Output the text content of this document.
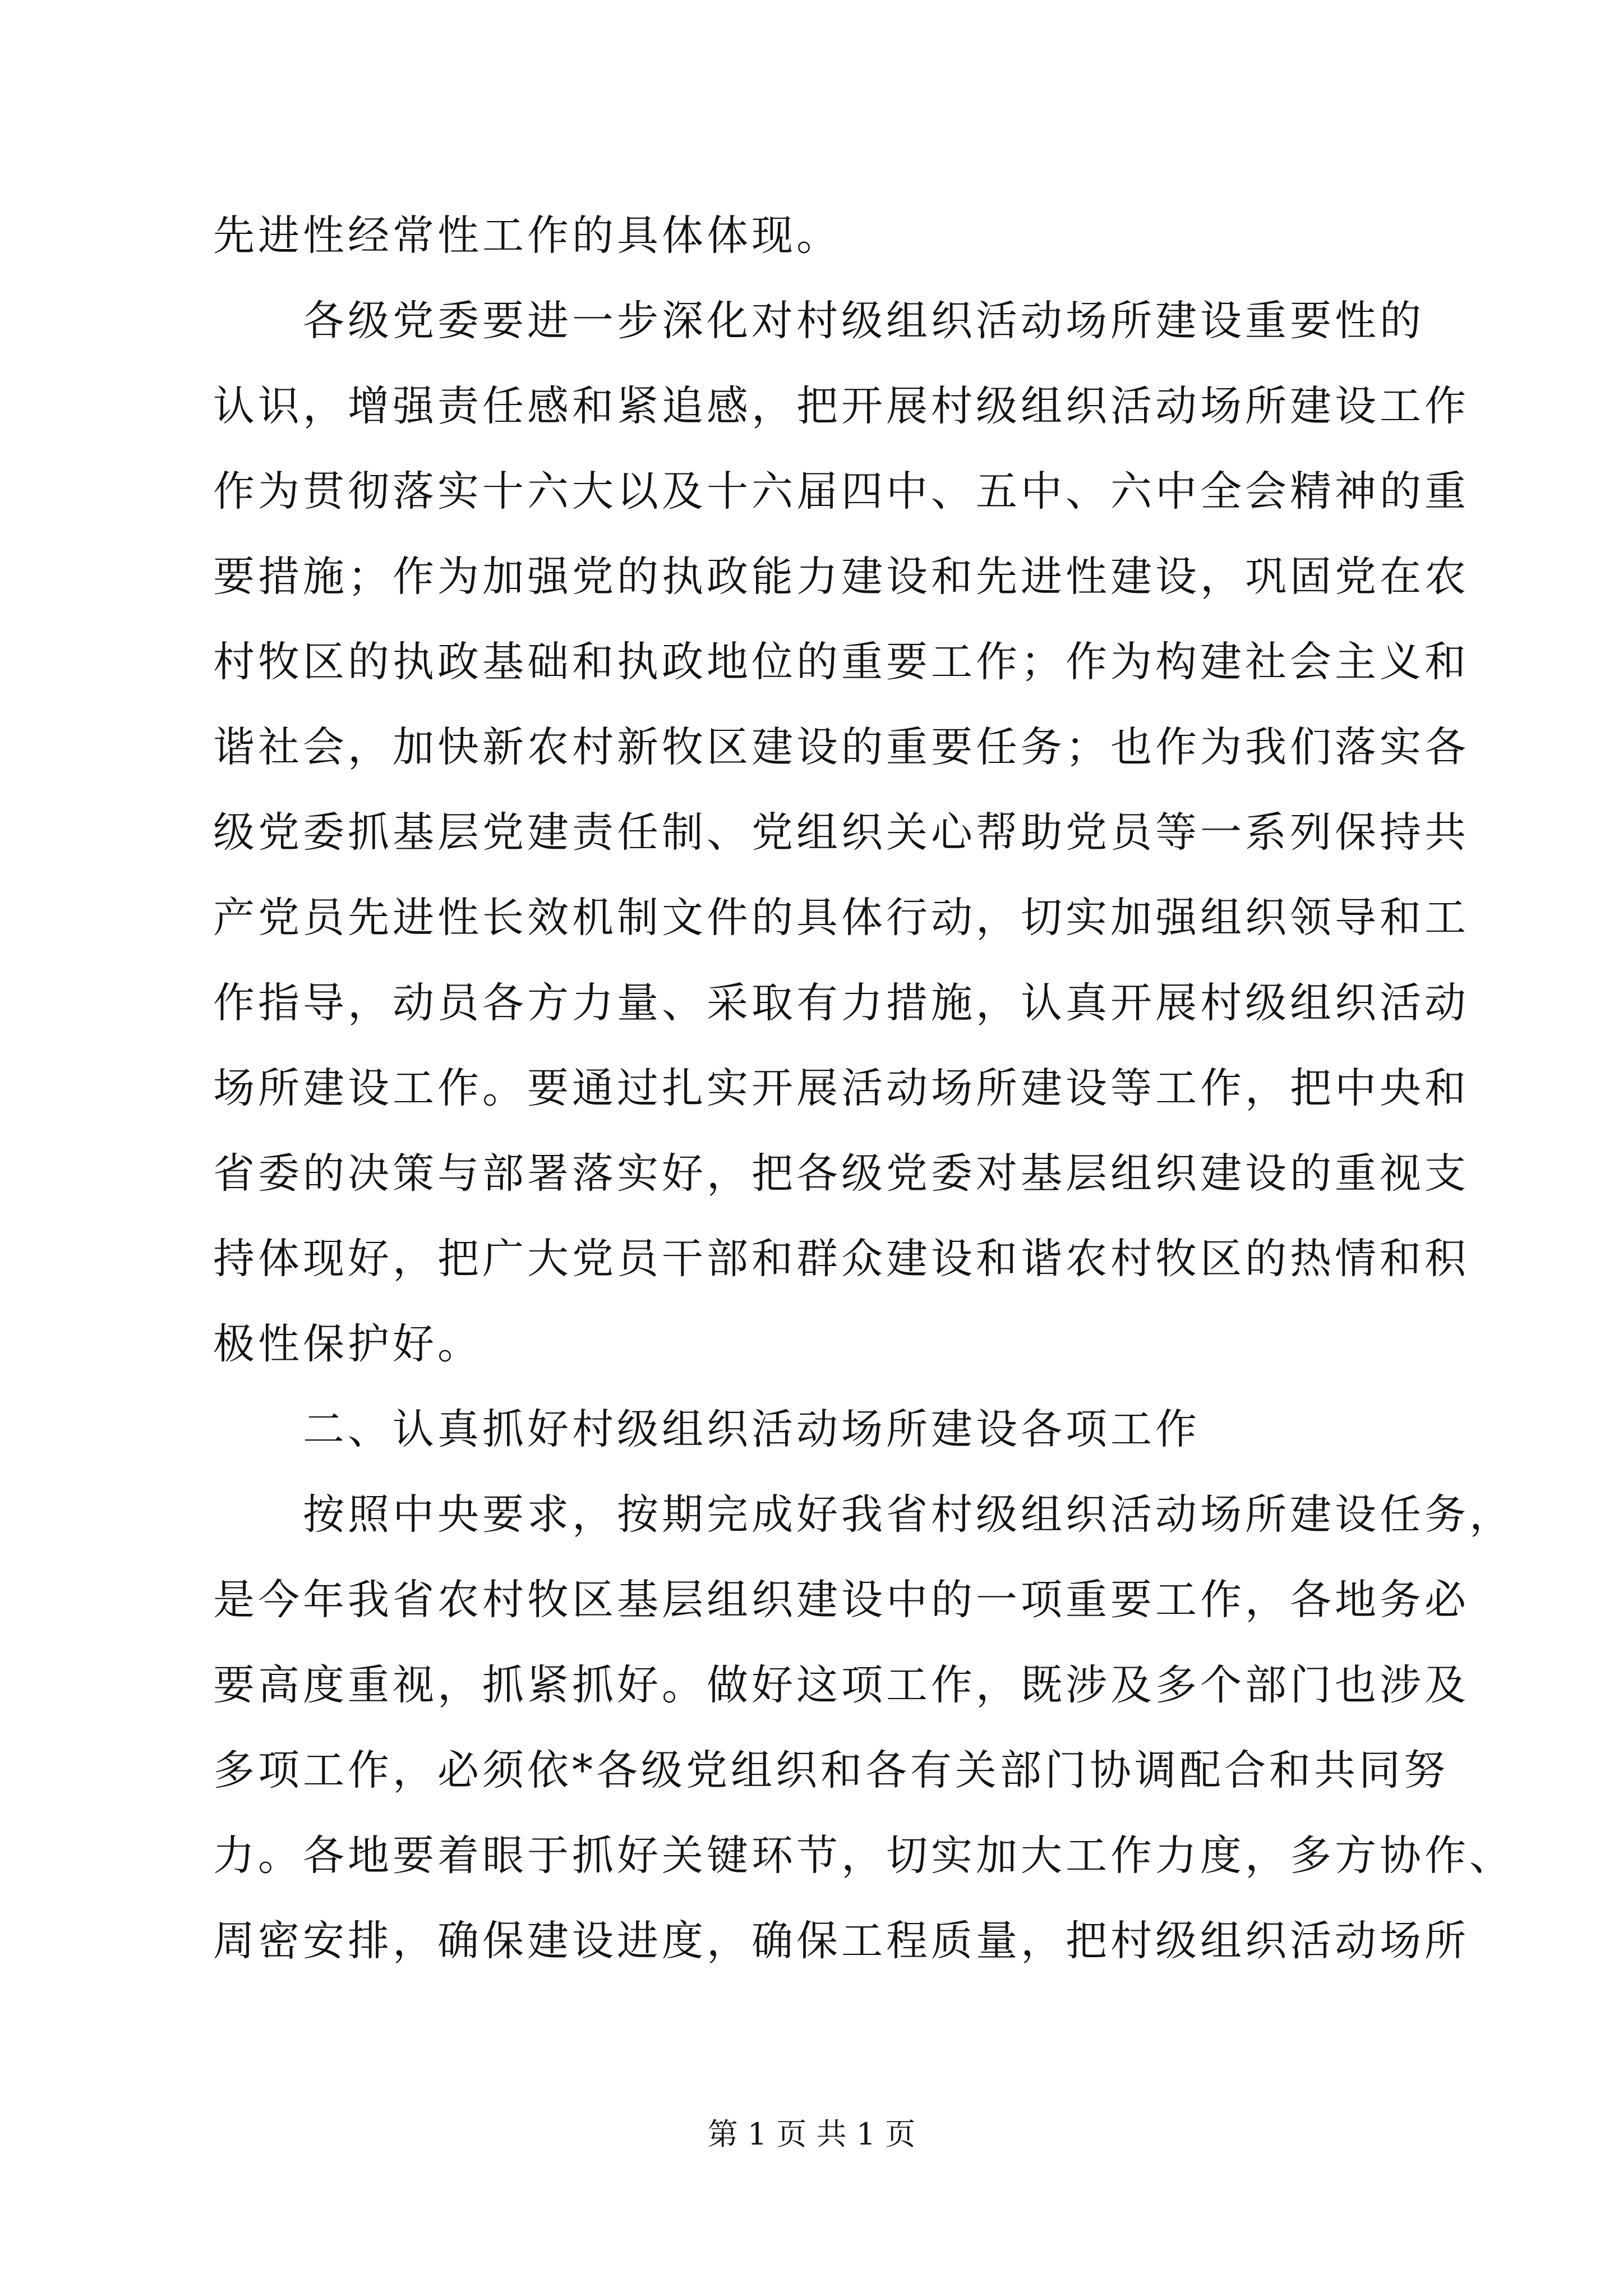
先进性经常性工作的具体体现。
各级党委要进一步深化对村级组织活动场所建设重要性的
认识，增强责任感和紧追感，把开展村级组织活动场所建设工作
作为贯彻落实十六大以及十六届四中、五中、六中全会精神的重
要措施；作为加强党的执政能力建设和先进性建设，巩固党在农
村牧区的执政基础和执政地位的重要工作；作为构建社会主义和
谐社会，加快新农村新牧区建设的重要任务；也作为我们落实各
级党委抓基层党建责任制、党组织关心帮助党员等一系列保持共
产党员先进性长效机制文件的具体行动，切实加强组织领导和工
作指导，动员各方力量、采取有力措施，认真开展村级组织活动
场所建设工作。要通过扎实开展活动场所建设等工作，把中央和
省委的决策与部署落实好，把各级党委对基层组织建设的重视支
持体现好，把广大党员干部和群众建设和谐农村牧区的热情和积
极性保护好。
二、认真抓好村级组织活动场所建设各项工作
按照中央要求，按期完成好我省村级组织活动场所建设任务，
是今年我省农村牧区基层组织建设中的一项重要工作，各地务必
要高度重视，抓紧抓好。做好这项工作，既涉及多个部门也涉及
多项工作，必须依*各级党组织和各有关部门协调配合和共同努
力。各地要着眼于抓好关键环节，切实加大工作力度，多方协作、
周密安排，确保建设进度，确保工程质量，把村级组织活动场所
第 1 页 共 1 页
